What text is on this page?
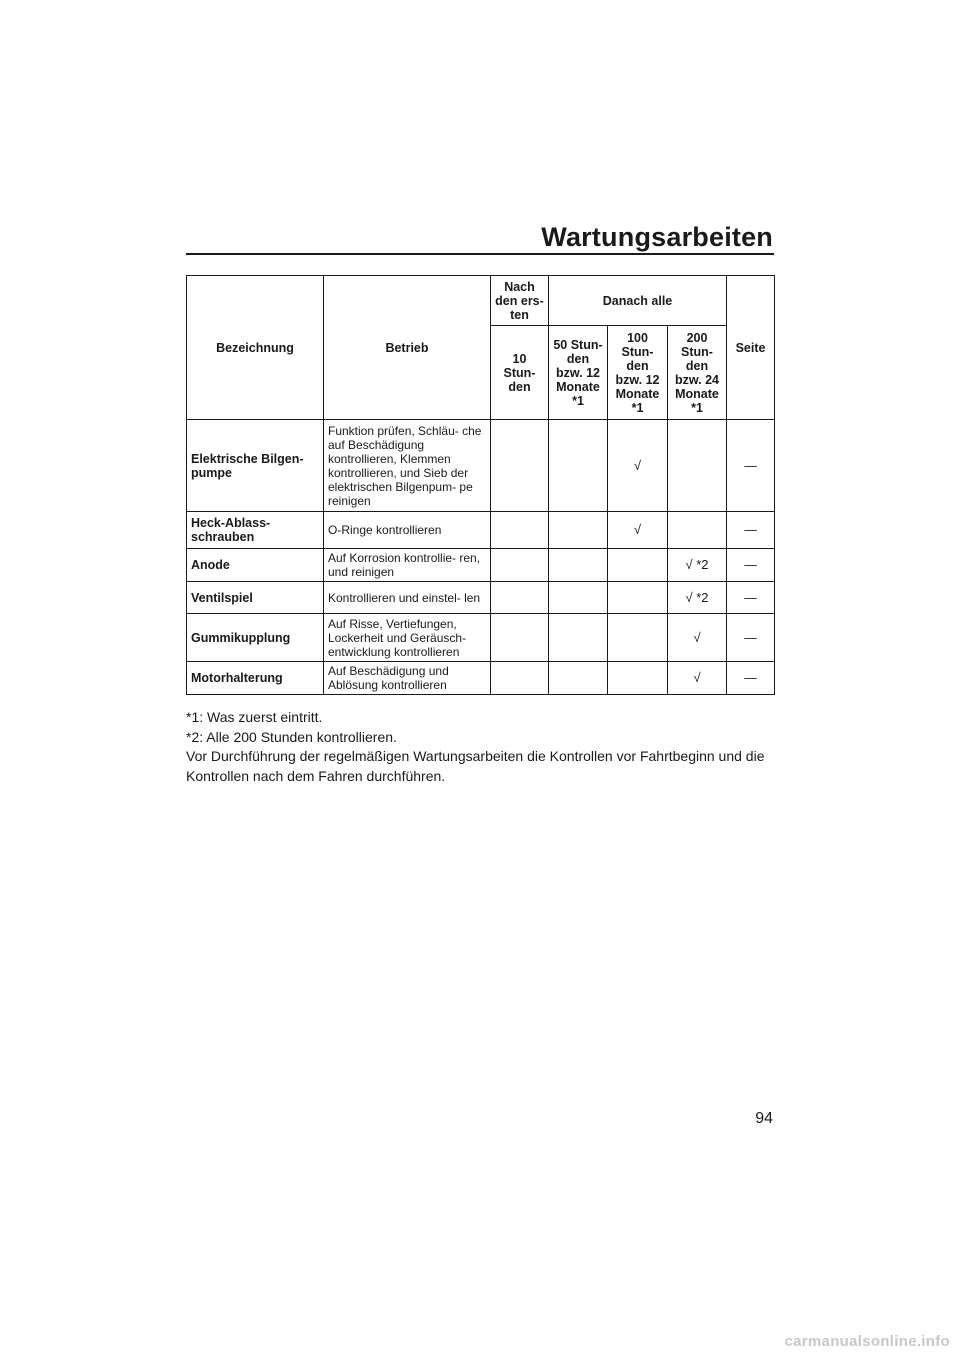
Wartungsarbeiten
Bezeichnung	Betrieb	Nach den ers- ten	Danach alle			Seite
		10 Stun- den	50 Stun- den bzw. 12 Monate *1	100 Stun- den bzw. 12 Monate *1	200 Stun- den bzw. 24 Monate *1	
Elektrische Bilgen- pumpe	Funktion prüfen, Schläu- che auf Beschädigung kontrollieren, Klemmen kontrollieren, und Sieb der elektrischen Bilgenpum- pe reinigen			√		—
Heck-Ablass- schrauben	O-Ringe kontrollieren			√		—
Anode	Auf Korrosion kontrollie- ren, und reinigen				√ *2	—
Ventilspiel	Kontrollieren und einstel- len				√ *2	—
Gummikupplung	Auf Risse, Vertiefungen, Lockerheit und Geräusch- entwicklung kontrollieren				√	—
Motorhalterung	Auf Beschädigung und Ablösung kontrollieren				√	—

*1: Was zuerst eintritt.

*2: Alle 200 Stunden kontrollieren.

Vor Durchführung der regelmäßigen Wartungsarbeiten die Kontrollen vor Fahrtbeginn und die Kontrollen nach dem Fahren durchführen.

94
carmanualsonline.info
